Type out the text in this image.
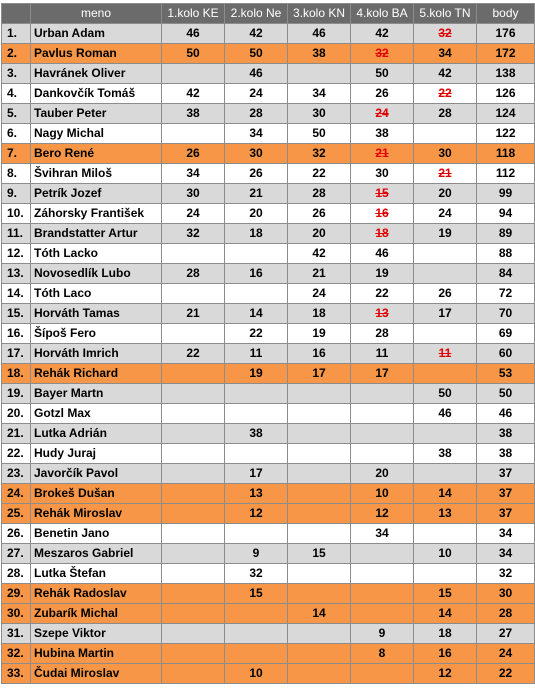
	meno	1.kolo KE	2.kolo Ne	3.kolo KN	4.kolo BA	5.kolo TN	body
1.	Urban Adam	46	42	46	42	32	176
2.	Pavlus Roman	50	50	38	32	34	172
3.	Havránek Oliver		46		50	42	138
4.	Dankovčík Tomáš	42	24	34	26	22	126
5.	Tauber Peter	38	28	30	24	28	124
6.	Nagy Michal		34	50	38		122
7.	Bero René	26	30	32	21	30	118
8.	Švihran Miloš	34	26	22	30	21	112
9.	Petrík Jozef	30	21	28	15	20	99
10.	Záhorsky František	24	20	26	16	24	94
11.	Brandstatter Artur	32	18	20	18	19	89
12.	Tóth Lacko			42	46		88
13.	Novosedlík Lubo	28	16	21	19		84
14.	Tóth Laco			24	22	26	72
15.	Horváth Tamas	21	14	18	13	17	70
16.	Šípoš Fero		22	19	28		69
17.	Horváth Imrich	22	11	16	11	11	60
18.	Rehák Richard		19	17	17		53
19.	Bayer Martn					50	50
20.	Gotzl Max					46	46
21.	Lutka Adrián		38				38
22.	Hudy Juraj					38	38
23.	Javorčík Pavol		17		20		37
24.	Brokeš Dušan		13		10	14	37
25.	Rehák Miroslav		12		12	13	37
26.	Benetin Jano				34		34
27.	Meszaros Gabriel		9	15		10	34
28.	Lutka Štefan		32				32
29.	Rehák Radoslav		15			15	30
30.	Zubarík Michal			14		14	28
31.	Szepe Viktor				9	18	27
32.	Hubina Martin				8	16	24
33.	Čudai Miroslav		10			12	22
